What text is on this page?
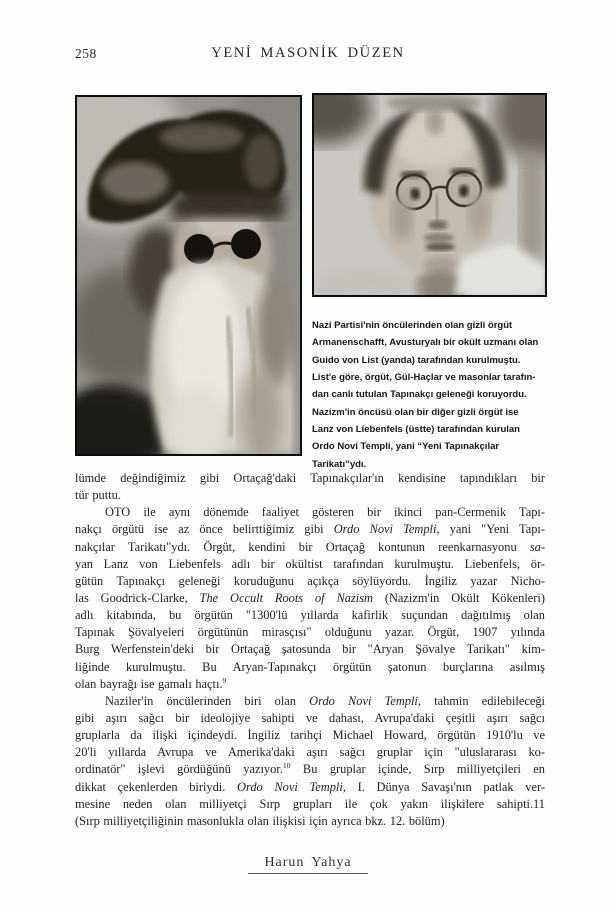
258	YENİ MASONİK DÜZEN
Nazi Partisi'nin öncülerinden olan gizli örgüt
Armanenschafft, Avusturyalı bir okült uzmanı olan
Guido von List (yanda) tarafından kurulmuştu.
List'e göre, örgüt, Gül-Haçlar ve masonlar tarafın-
dan canlı tutulan Tapınakçı geleneği koruyordu.
Nazizm'in öncüsü olan bir diğer gizli örgüt ise
Lanz von Liebenfels (üstte) tarafından kurulan
Ordo Novi Templi, yani “Yeni Tapınakçılar
Tarikatı”ydı.
lümde değindiğimiz gibi Ortaçağ'daki Tapınakçılar'ın kendisine tapındıkları bir
tür puttu.
OTO ile aynı dönemde faaliyet gösteren bir ikinci pan-Cermenik Tapı-
nakçı örgütü ise az önce belirttiğimiz gibi Ordo Novi Templi, yani "Yeni Tapı-
nakçılar Tarikatı"ydı. Örgüt, kendini bir Ortaçağ kontunun reenkarnasyonu sa-
yan Lanz von Liebenfels adlı bir okültist tarafından kurulmuştu. Liebenfels, ör-
gütün Tapınakçı geleneği koruduğunu açıkça söylüyordu. İngiliz yazar Nicho-
las Goodrick-Clarke, The Occult Roots of Nazism (Nazizm'in Okült Kökenleri)
adlı kitabında, bu örgütün "1300'lü yıllarda kafirlik suçundan dağıtılmış olan
Tapınak Şövalyeleri örgütünün mirasçısı" olduğunu yazar. Örgüt, 1907 yılında
Burg Werfenstein'deki bir Ortaçağ şatosunda bir "Aryan Şövalye Tarikatı" kim-
liğinde kurulmuştu. Bu Aryan-Tapınakçı örgütün şatonun burçlarına asılmış
olan bayrağı ise gamalı haçtı.$^9$
Naziler'in öncülerinden biri olan Ordo Novi Templi, tahmin edilebileceği
gibi aşırı sağcı bir ideolojiye sahipti ve dahası, Avrupa'daki çeşitli aşırı sağcı
gruplarla da ilişki içindeydi. İngiliz tarihçi Michael Howard, örgütün 1910'lu ve
20'li yıllarda Avrupa ve Amerika'daki aşırı sağcı gruplar için "uluslararası ko-
ordinatör" işlevi gördüğünü yazıyor.$^{10}$ Bu gruplar içinde, Sırp milliyetçileri en
dikkat çekenlerden biriydi. Ordo Novi Templi, I. Dünya Savaşı'nın patlak ver-
mesine neden olan milliyetçi Sırp grupları ile çok yakın ilişkilere sahipti.11
(Sırp milliyetçiliğinin masonlukla olan ilişkisi için ayrıca bkz. 12. bölüm)
Harun Yahya
